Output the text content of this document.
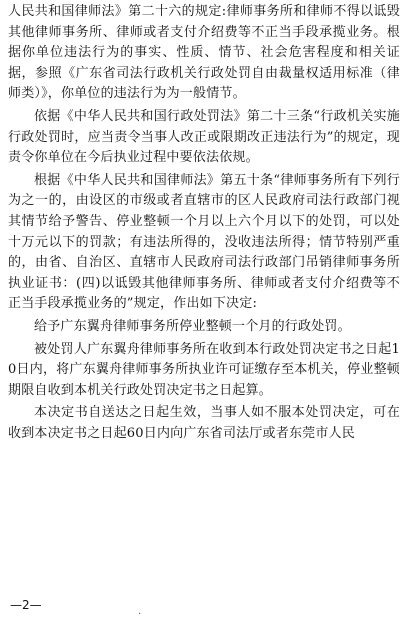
人民共和国律师法》第二十六的规定:律师事务所和律师不得以诋毁其他律师事务所、律师或者支付介绍费等不正当手段承揽业务。根据你单位违法行为的事实、性质、情节、社会危害程度和相关证据，参照《广东省司法行政机关行政处罚自由裁量权适用标准（律师类）》，你单位的违法行为为一般情节。

依据《中华人民共和国行政处罚法》第二十三条“行政机关实施行政处罚时，应当责令当事人改正或限期改正违法行为”的规定，现责令你单位在今后执业过程中要依法依规。

根据《中华人民共和国律师法》第五十条“律师事务所有下列行为之一的，由设区的市级或者直辖市的区人民政府司法行政部门视其情节给予警告、停业整顿一个月以上六个月以下的处罚，可以处十万元以下的罚款；有违法所得的，没收违法所得；情节特别严重的，由省、自治区、直辖市人民政府司法行政部门吊销律师事务所执业证书：(四)以诋毁其他律师事务所、律师或者支付介绍费等不正当手段承揽业务的”规定，作出如下决定:

给予广东翼舟律师事务所停业整顿一个月的行政处罚。

被处罚人广东翼舟律师事务所在收到本行政处罚决定书之日起10日内，将广东翼舟律师事务所执业许可证缴存至本机关，停业整顿期限自收到本机关行政处罚决定书之日起算。

本决定书自送达之日起生效，当事人如不服本处罚决定，可在收到本决定书之日起60日内向广东省司法厅或者东莞市人民

—2—	.
